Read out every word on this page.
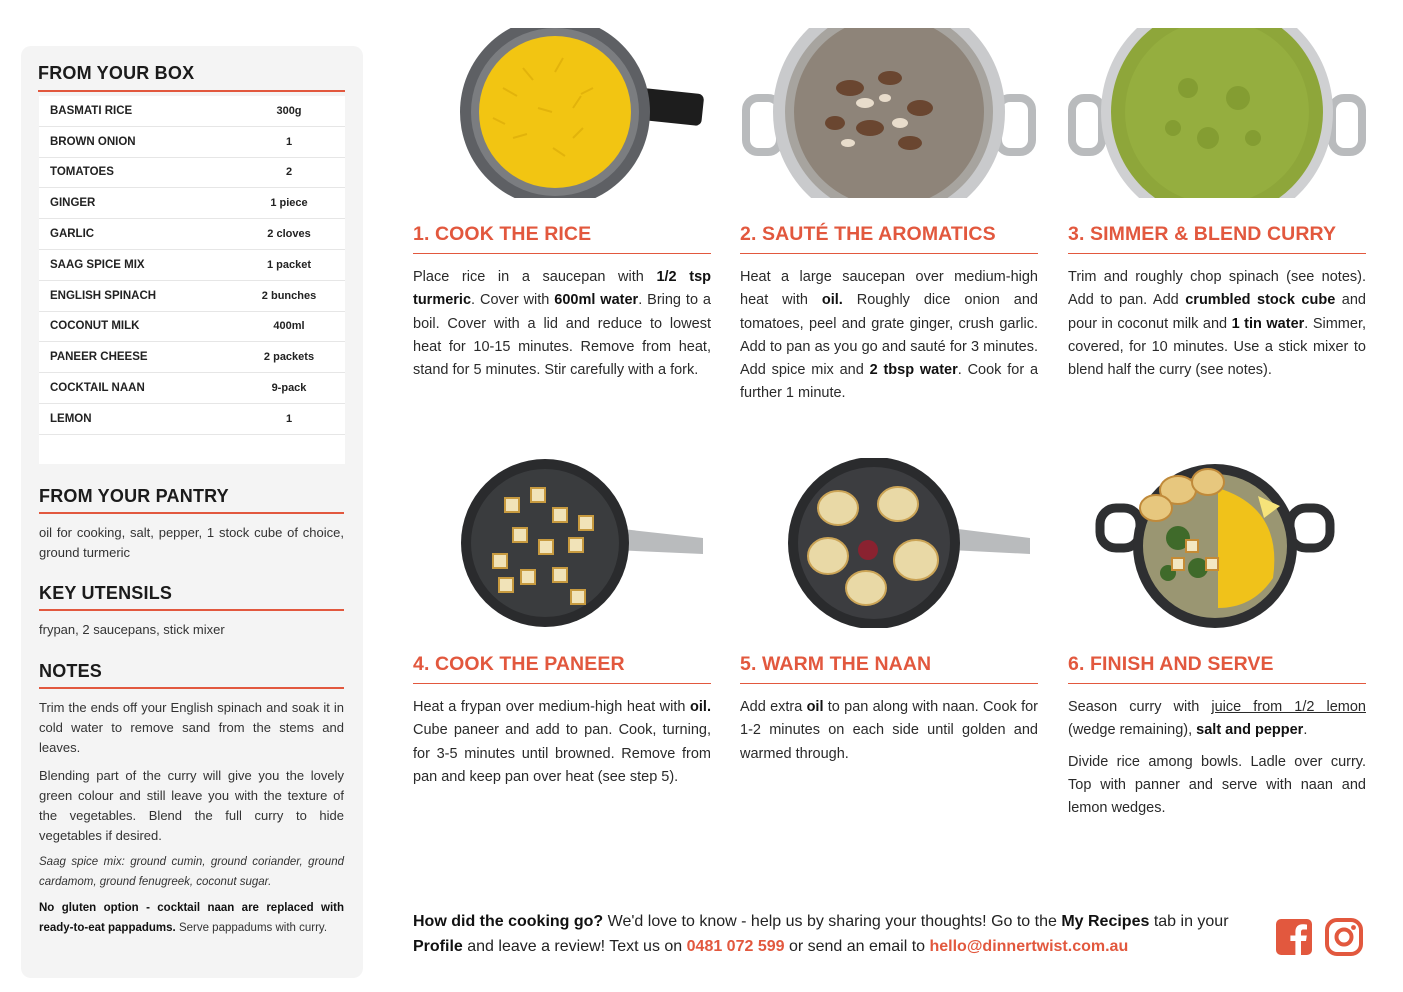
FROM YOUR BOX
BASMATI RICE	300g
BROWN ONION	1
TOMATOES	2
GINGER	1 piece
GARLIC	2 cloves
SAAG SPICE MIX	1 packet
ENGLISH SPINACH	2 bunches
COCONUT MILK	400ml
PANEER CHEESE	2 packets
COCKTAIL NAAN	9-pack
LEMON	1
FROM YOUR PANTRY
oil for cooking, salt, pepper, 1 stock cube of choice, ground turmeric
KEY UTENSILS
frypan, 2 saucepans, stick mixer
NOTES
Trim the ends off your English spinach and soak it in cold water to remove sand from the stems and leaves.
Blending part of the curry will give you the lovely green colour and still leave you with the texture of the vegetables. Blend the full curry to hide vegetables if desired.
Saag spice mix: ground cumin, ground coriander, ground cardamom, ground fenugreek, coconut sugar.
No gluten option - cocktail naan are replaced with ready-to-eat pappadums. Serve pappadums with curry.
1. COOK THE RICE

Place rice in a saucepan with 1/2 tsp turmeric. Cover with 600ml water. Bring to a boil. Cover with a lid and reduce to lowest heat for 10-15 minutes. Remove from heat, stand for 5 minutes. Stir carefully with a fork.

2. SAUTÉ THE AROMATICS

Heat a large saucepan over medium-high heat with oil. Roughly dice onion and tomatoes, peel and grate ginger, crush garlic. Add to pan as you go and sauté for 3 minutes. Add spice mix and 2 tbsp water. Cook for a further 1 minute.

3. SIMMER & BLEND CURRY

Trim and roughly chop spinach (see notes). Add to pan. Add crumbled stock cube and pour in coconut milk and 1 tin water. Simmer, covered, for 10 minutes. Use a stick mixer to blend half the curry (see notes).

4. COOK THE PANEER

Heat a frypan over medium-high heat with oil. Cube paneer and add to pan. Cook, turning, for 3-5 minutes until browned. Remove from pan and keep pan over heat (see step 5).

5. WARM THE NAAN

Add extra oil to pan along with naan. Cook for 1-2 minutes on each side until golden and warmed through.

6. FINISH AND SERVE

Season curry with juice from 1/2 lemon (wedge remaining), salt and pepper.

Divide rice among bowls. Ladle over curry. Top with panner and serve with naan and lemon wedges.

How did the cooking go? We'd love to know - help us by sharing your thoughts! Go to the My Recipes tab in your Profile and leave a review! Text us on 0481 072 599 or send an email to hello@dinnertwist.com.au
